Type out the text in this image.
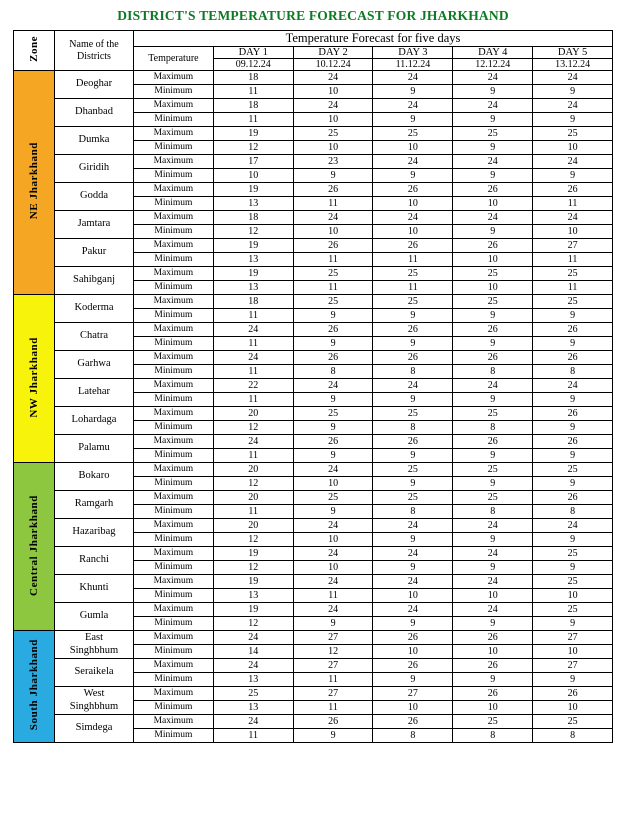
DISTRICT'S TEMPERATURE FORECAST FOR JHARKHAND
Zone	Name of the
Districts	Temperature Forecast for five days					
		Temperature	DAY 1	DAY 2	DAY 3	DAY 4	DAY 5
			09.12.24	10.12.24	11.12.24	12.12.24	13.12.24
NE Jharkhand	Deoghar	Maximum	18	24	24	24	24
		Minimum	11	10	9	9	9
	Dhanbad	Maximum	18	24	24	24	24
		Minimum	11	10	9	9	9
	Dumka	Maximum	19	25	25	25	25
		Minimum	12	10	10	9	10
	Giridih	Maximum	17	23	24	24	24
		Minimum	10	9	9	9	9
	Godda	Maximum	19	26	26	26	26
		Minimum	13	11	10	10	11
	Jamtara	Maximum	18	24	24	24	24
		Minimum	12	10	10	9	10
	Pakur	Maximum	19	26	26	26	27
		Minimum	13	11	11	10	11
	Sahibganj	Maximum	19	25	25	25	25
		Minimum	13	11	11	10	11
NW Jharkhand	Koderma	Maximum	18	25	25	25	25
		Minimum	11	9	9	9	9
	Chatra	Maximum	24	26	26	26	26
		Minimum	11	9	9	9	9
	Garhwa	Maximum	24	26	26	26	26
		Minimum	11	8	8	8	8
	Latehar	Maximum	22	24	24	24	24
		Minimum	11	9	9	9	9
	Lohardaga	Maximum	20	25	25	25	26
		Minimum	12	9	8	8	9
	Palamu	Maximum	24	26	26	26	26
		Minimum	11	9	9	9	9
Central Jharkhand	Bokaro	Maximum	20	24	25	25	25
		Minimum	12	10	9	9	9
	Ramgarh	Maximum	20	25	25	25	26
		Minimum	11	9	8	8	8
	Hazaribag	Maximum	20	24	24	24	24
		Minimum	12	10	9	9	9
	Ranchi	Maximum	19	24	24	24	25
		Minimum	12	10	9	9	9
	Khunti	Maximum	19	24	24	24	25
		Minimum	13	11	10	10	10
	Gumla	Maximum	19	24	24	24	25
		Minimum	12	9	9	9	9
South Jharkhand	East
Singhbhum	Maximum	24	27	26	26	27
		Minimum	14	12	10	10	10
	Seraikela	Maximum	24	27	26	26	27
		Minimum	13	11	9	9	9

	West
Singhbhum	Maximum	25	27	27	26	26
		Minimum	13	11	10	10	10
	Simdega	Maximum	24	26	26	25	25
		Minimum	11	9	8	8	8
